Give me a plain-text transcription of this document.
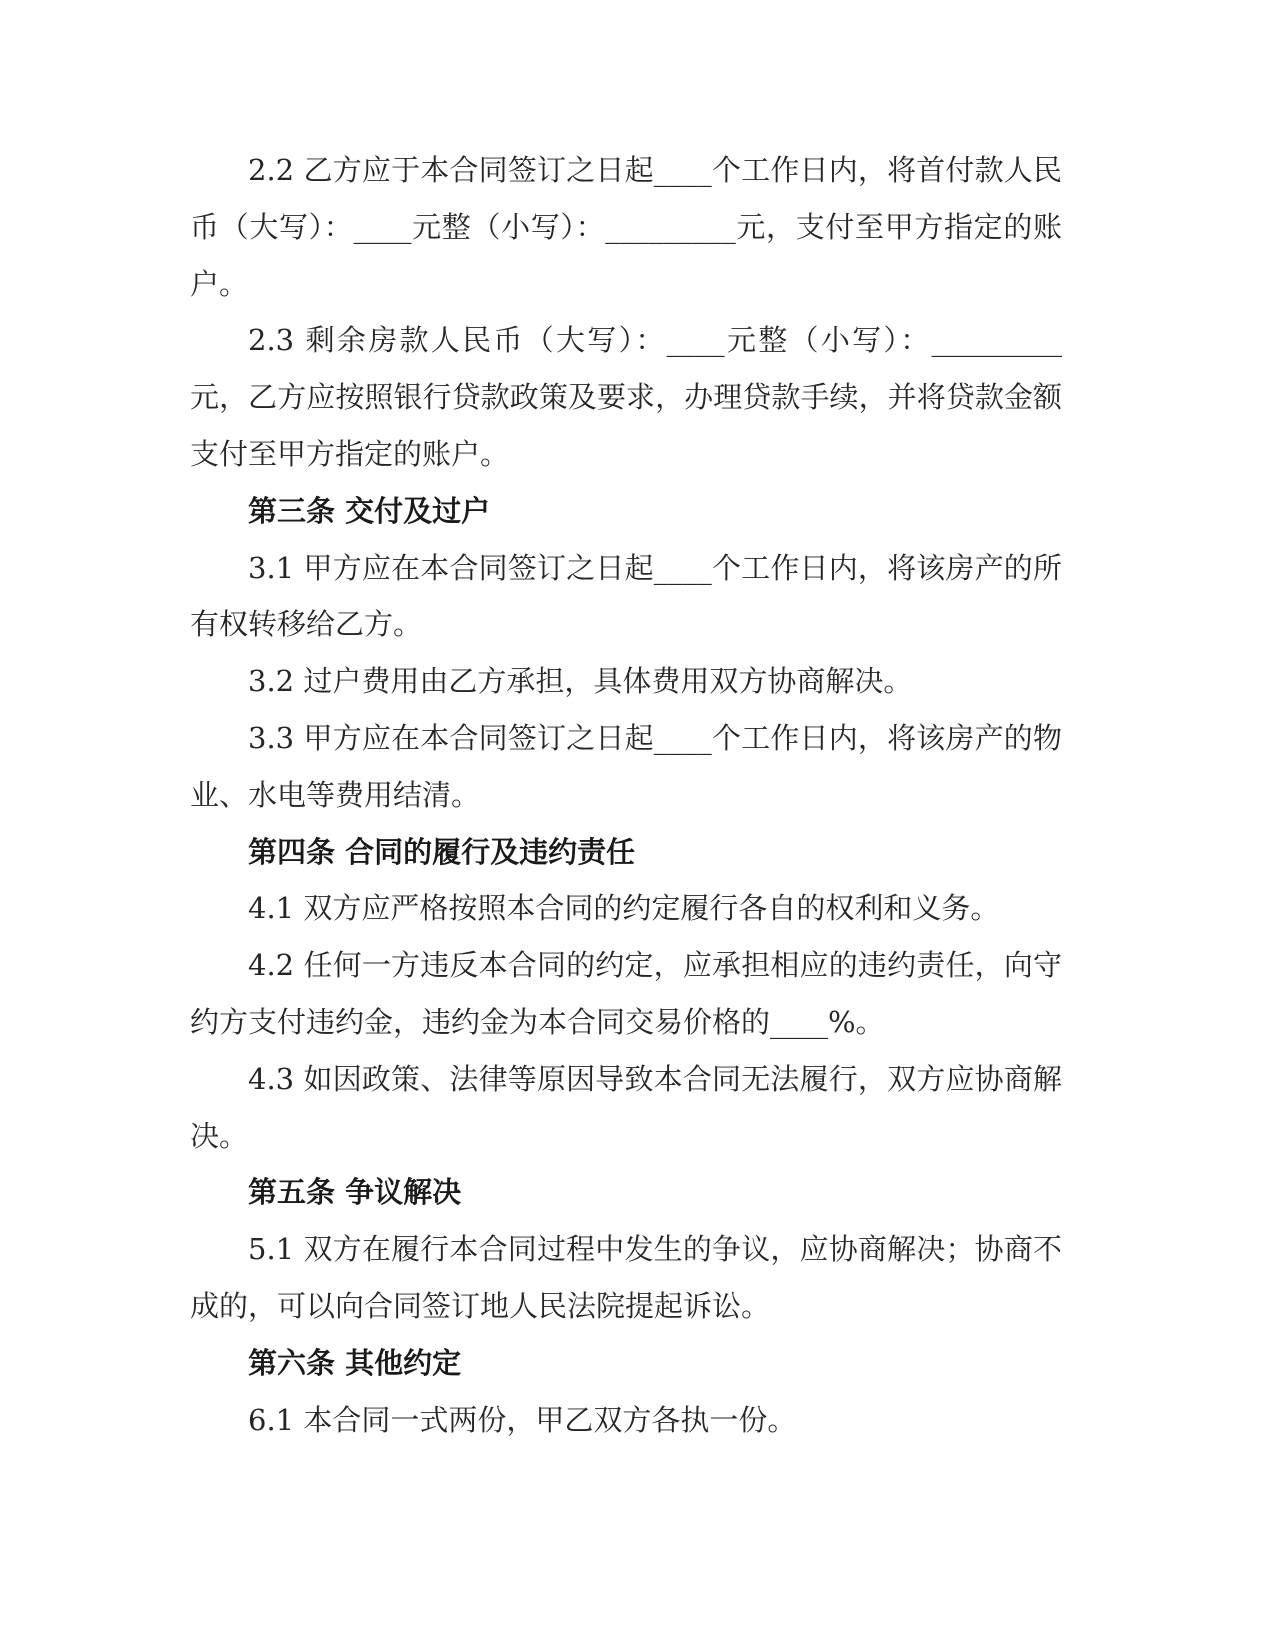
2.2 乙方应于本合同签订之日起____个工作日内，将首付款人民币（大写）：____元整（小写）：_________元，支付至甲方指定的账户。

2.3 剩余房款人民币（大写）：____元整（小写）：_________元，乙方应按照银行贷款政策及要求，办理贷款手续，并将贷款金额支付至甲方指定的账户。

第三条 交付及过户

3.1 甲方应在本合同签订之日起____个工作日内，将该房产的所有权转移给乙方。

3.2 过户费用由乙方承担，具体费用双方协商解决。

3.3 甲方应在本合同签订之日起____个工作日内，将该房产的物业、水电等费用结清。

第四条 合同的履行及违约责任

4.1 双方应严格按照本合同的约定履行各自的权利和义务。

4.2 任何一方违反本合同的约定，应承担相应的违约责任，向守约方支付违约金，违约金为本合同交易价格的____%。

4.3 如因政策、法律等原因导致本合同无法履行，双方应协商解决。

第五条 争议解决

5.1 双方在履行本合同过程中发生的争议，应协商解决；协商不成的，可以向合同签订地人民法院提起诉讼。

第六条 其他约定

6.1 本合同一式两份，甲乙双方各执一份。
